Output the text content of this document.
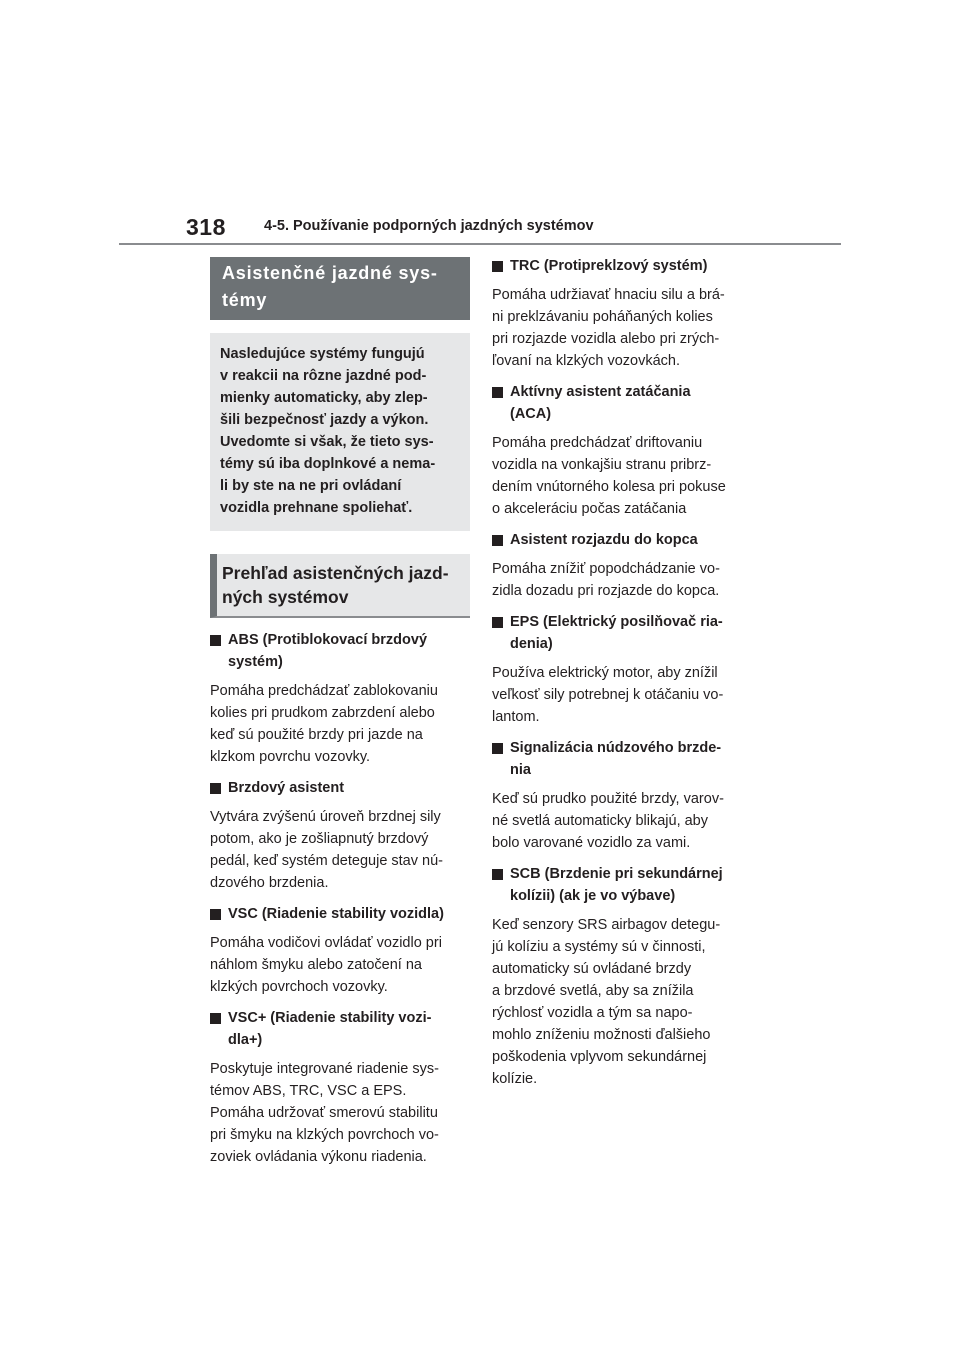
318	4-5. Používanie podporných jazdných systémov
Asistenčné jazdné sys-
témy
Nasledujúce systémy fungujú
v reakcii na rôzne jazdné pod-
mienky automaticky, aby zlep-
šili bezpečnosť jazdy a výkon.
Uvedomte si však, že tieto sys-
témy sú iba doplnkové a nema-
li by ste na ne pri ovládaní
vozidla prehnane spoliehať.
Prehľad asistenčných jazd-
ných systémov
ABS (Protiblokovací brzdový
systém)
Pomáha predchádzať zablokovaniu
kolies pri prudkom zabrzdení alebo
keď sú použité brzdy pri jazde na
klzkom povrchu vozovky.
Brzdový asistent
Vytvára zvýšenú úroveň brzdnej sily
potom, ako je zošliapnutý brzdový
pedál, keď systém deteguje stav nú-
dzového brzdenia.
VSC (Riadenie stability vozidla)
Pomáha vodičovi ovládať vozidlo pri
náhlom šmyku alebo zatočení na
klzkých povrchoch vozovky.
VSC+ (Riadenie stability vozi-
dla+)
Poskytuje integrované riadenie sys-
témov ABS, TRC, VSC a EPS.
Pomáha udržovať smerovú stabilitu
pri šmyku na klzkých povrchoch vo-
zoviek ovládania výkonu riadenia.
TRC (Protipreklzový systém)
Pomáha udržiavať hnaciu silu a brá-
ni preklzávaniu poháňaných kolies
pri rozjazde vozidla alebo pri zrých-
ľovaní na klzkých vozovkách.
Aktívny asistent zatáčania
(ACA)
Pomáha predchádzať driftovaniu
vozidla na vonkajšiu stranu pribrz-
dením vnútorného kolesa pri pokuse
o akceleráciu počas zatáčania
Asistent rozjazdu do kopca
Pomáha znížiť popodchádzanie vo-
zidla dozadu pri rozjazde do kopca.
EPS (Elektrický posilňovač ria-
denia)
Používa elektrický motor, aby znížil
veľkosť sily potrebnej k otáčaniu vo-
lantom.
Signalizácia núdzového brzde-
nia
Keď sú prudko použité brzdy, varov-
né svetlá automaticky blikajú, aby
bolo varované vozidlo za vami.
SCB (Brzdenie pri sekundárnej
kolízii) (ak je vo výbave)
Keď senzory SRS airbagov detegu-
jú kolíziu a systémy sú v činnosti,
automaticky sú ovládané brzdy
a brzdové svetlá, aby sa znížila
rýchlosť vozidla a tým sa napo-
mohlo zníženiu možnosti ďalšieho
poškodenia vplyvom sekundárnej
kolízie.
